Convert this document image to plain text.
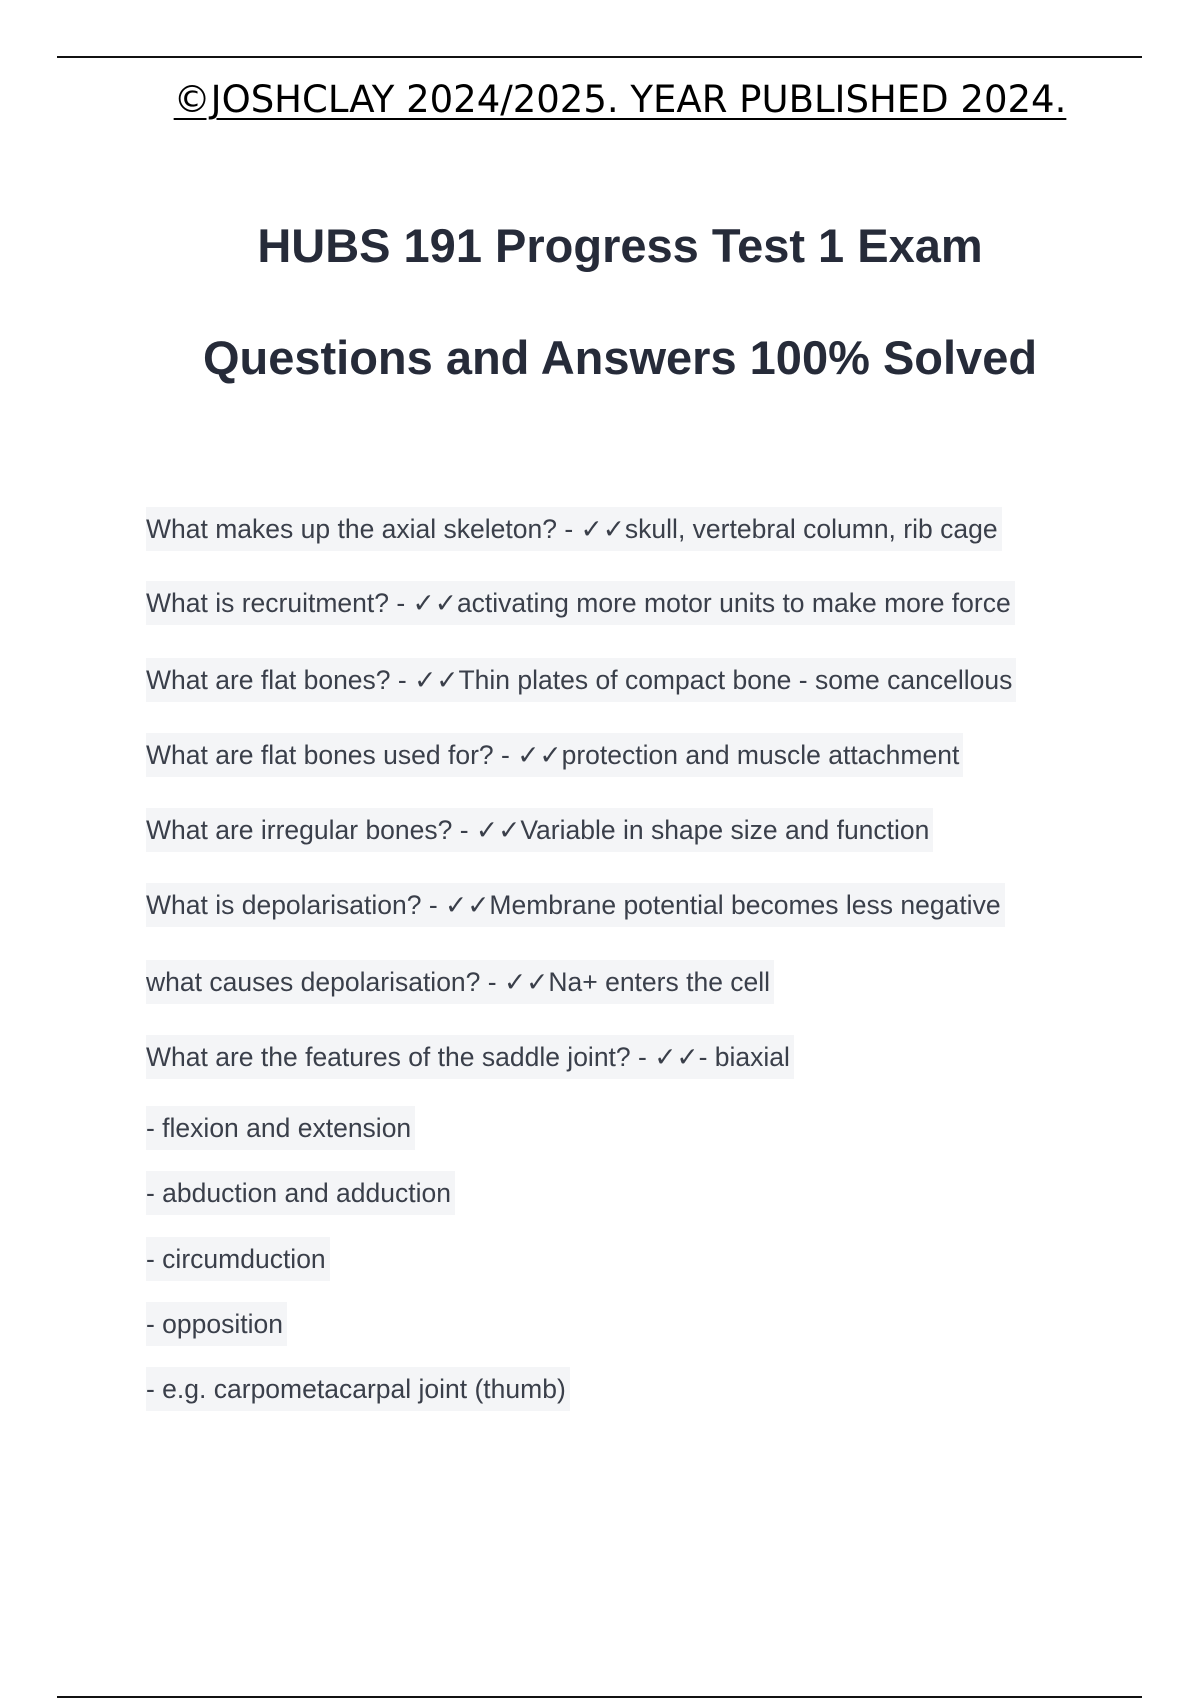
©JOSHCLAY 2024/2025. YEAR PUBLISHED 2024.
HUBS 191 Progress Test 1 Exam
Questions and Answers 100% Solved
What makes up the axial skeleton? - ✓✓skull, vertebral column, rib cage
What is recruitment? - ✓✓activating more motor units to make more force
What are flat bones? - ✓✓Thin plates of compact bone - some cancellous
What are flat bones used for? - ✓✓protection and muscle attachment
What are irregular bones? - ✓✓Variable in shape size and function
What is depolarisation? - ✓✓Membrane potential becomes less negative
what causes depolarisation? - ✓✓Na+ enters the cell
What are the features of the saddle joint? - ✓✓- biaxial
- flexion and extension
- abduction and adduction
- circumduction
- opposition
- e.g. carpometacarpal joint (thumb)
